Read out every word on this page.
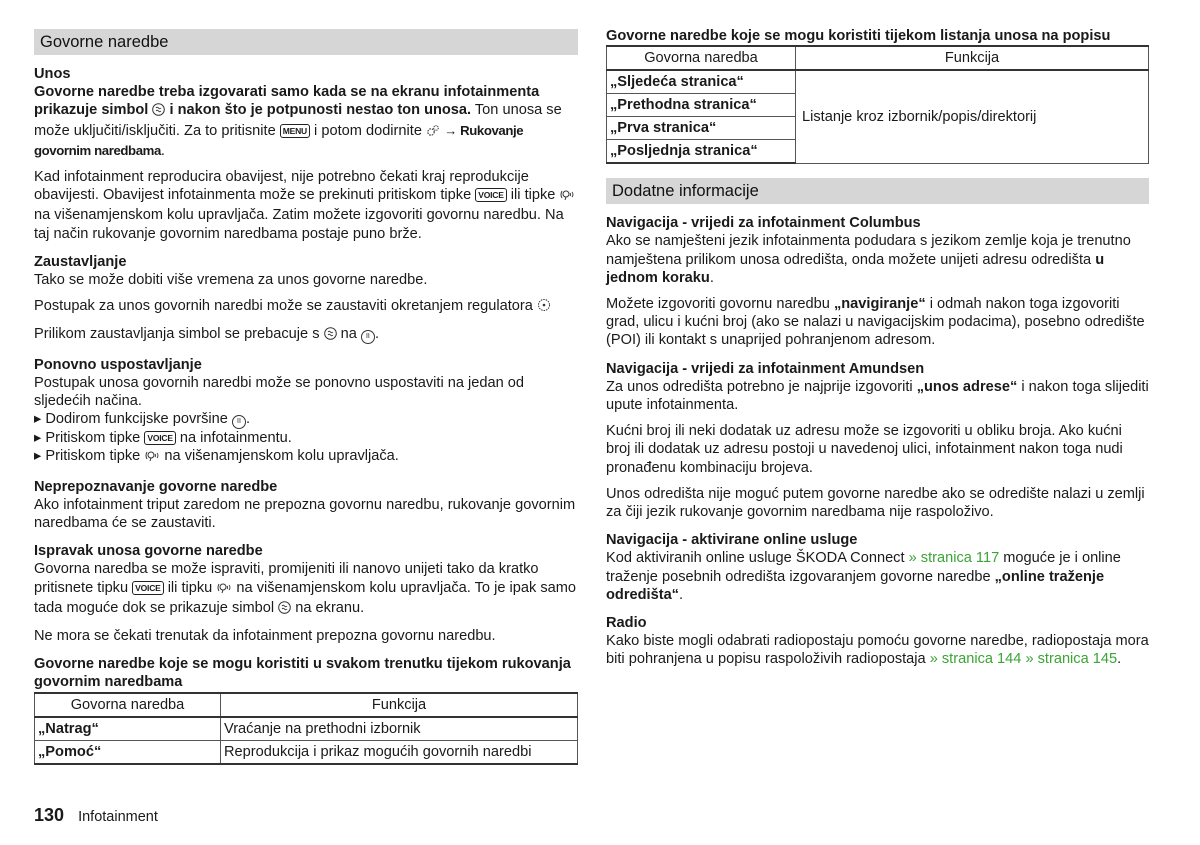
Govorne naredbe

Unos

Govorne naredbe treba izgovarati samo kada se na ekranu infotainmenta prikazuje simbol i nakon što je potpunosti nestao ton unosa. Ton unosa se može uključiti/isključiti. Za to pritisnite MENU i potom dodirnite → Rukovanje govornim naredbama.

Kad infotainment reproducira obavijest, nije potrebno čekati kraj reprodukcije obavijesti. Obavijest infotainmenta može se prekinuti pritiskom tipke VOICE ili tipke  na višenamjenskom kolu upravljača. Zatim možete izgovoriti govornu naredbu. Na taj način rukovanje govornim naredbama postaje puno brže.

Zaustavljanje

Tako se može dobiti više vremena za unos govorne naredbe.

Postupak za unos govornih naredbi može se zaustaviti okretanjem regulatora

Prilikom zaustavljanja simbol se prebacuje s na II .

Ponovno uspostavljanje

Postupak unosa govornih naredbi može se ponovno uspostaviti na jedan od sljedećih načina.

▸ Dodirom funkcijske površine II .
▸ Pritiskom tipke VOICE na infotainmentu.
▸ Pritiskom tipke na višenamjenskom kolu upravljača.

Neprepoznavanje govorne naredbe

Ako infotainment triput zaredom ne prepozna govornu naredbu, rukovanje govornim naredbama će se zaustaviti.

Ispravak unosa govorne naredbe

Govorna naredba se može ispraviti, promijeniti ili nanovo unijeti tako da kratko pritisnete tipku VOICE ili tipku na višenamjenskom kolu upravljača. To je ipak samo tada moguće dok se prikazuje simbol na ekranu.

Ne mora se čekati trenutak da infotainment prepozna govornu naredbu.

Govorne naredbe koje se mogu koristiti u svakom trenutku tijekom rukovanja govornim naredbama

Govorna naredba	Funkcija
„Natrag“	Vraćanje na prethodni izbornik
„Pomoć“	Reprodukcija i prikaz mogućih govornih naredbi

Govorne naredbe koje se mogu koristiti tijekom listanja unosa na popisu

Govorna naredba	Funkcija
„Sljedeća stranica“	Listanje kroz izbornik/popis/direktorij
„Prethodna stranica“	
„Prva stranica“	
„Posljednja stranica“	
Dodatne informacije

Navigacija - vrijedi za infotainment Columbus

Ako se namješteni jezik infotainmenta podudara s jezikom zemlje koja je trenutno namještena prilikom unosa odredišta, onda možete unijeti adresu odredišta u jednom koraku.

Možete izgovoriti govornu naredbu „navigiranje“ i odmah nakon toga izgovoriti grad, ulicu i kućni broj (ako se nalazi u navigacijskim podacima), posebno odredište (POI) ili kontakt s unaprijed pohranjenom adresom.

Navigacija - vrijedi za infotainment Amundsen

Za unos odredišta potrebno je najprije izgovoriti „unos adrese“ i nakon toga slijediti upute infotainmenta.

Kućni broj ili neki dodatak uz adresu može se izgovoriti u obliku broja. Ako kućni broj ili dodatak uz adresu postoji u navedenoj ulici, infotainment nakon toga nudi pronađenu kombinaciju brojeva.

Unos odredišta nije moguć putem govorne naredbe ako se odredište nalazi u zemlji za čiji jezik rukovanje govornim naredbama nije raspoloživo.

Navigacija - aktivirane online usluge

Kod aktiviranih online usluge ŠKODA Connect » stranica 117 moguće je i online traženje posebnih odredišta izgovaranjem govorne naredbe „online traženje odredišta“.

Radio

Kako biste mogli odabrati radiopostaju pomoću govorne naredbe, radiopostaja mora biti pohranjena u popisu raspoloživih radiopostaja » stranica 144 » stranica 145.

130 Infotainment
